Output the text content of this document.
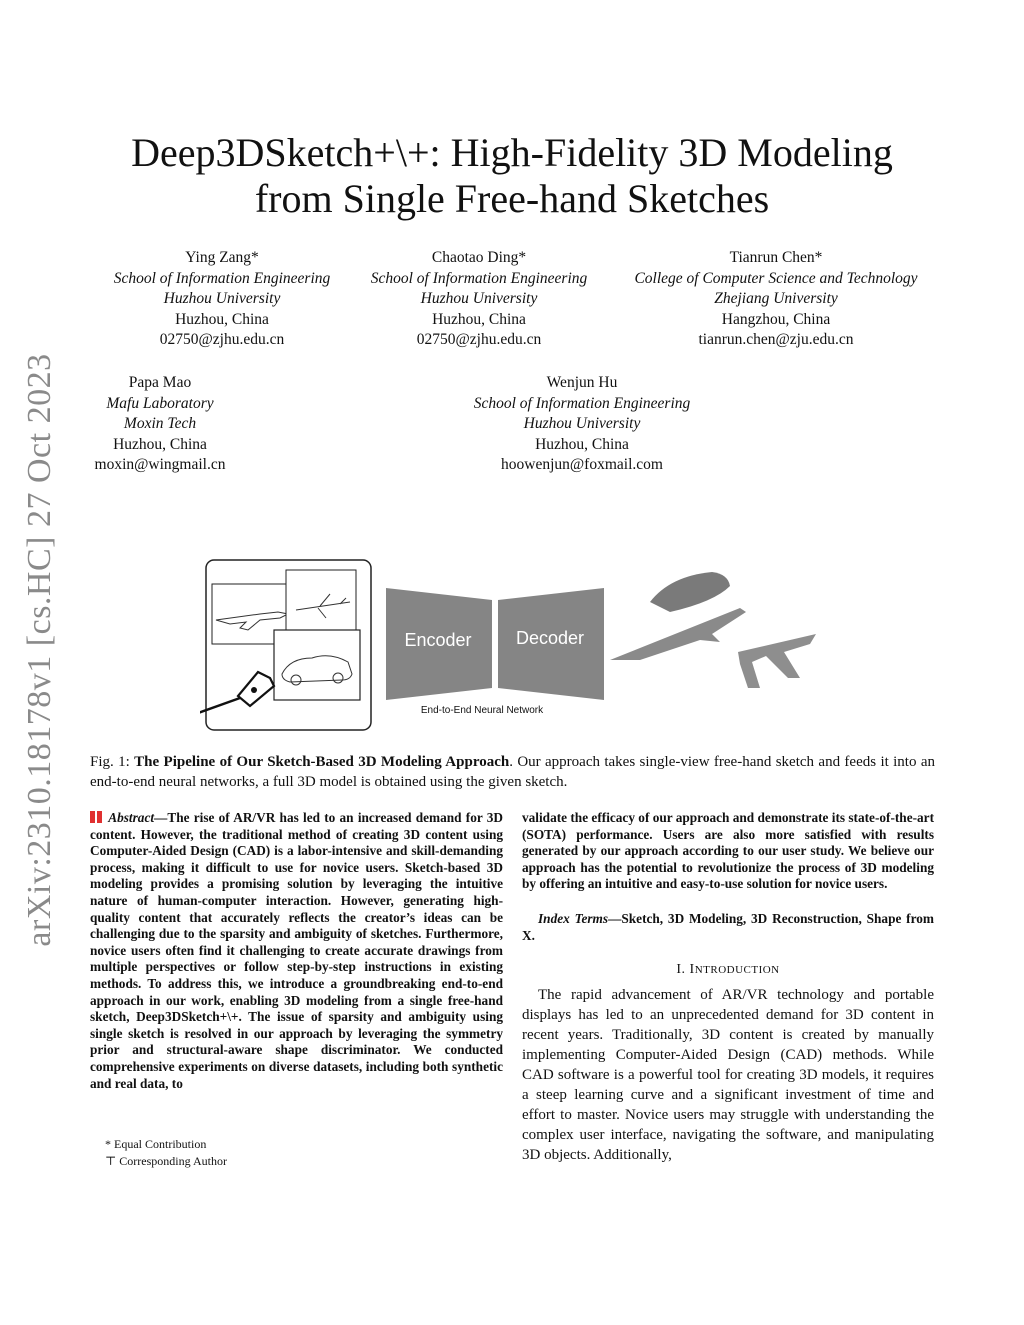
arXiv:2310.18178v1 [cs.HC] 27 Oct 2023
Deep3DSketch+\+: High-Fidelity 3D Modeling
from Single Free-hand Sketches
Ying Zang*
School of Information Engineering
Huzhou University
Huzhou, China
02750@zjhu.edu.cn
Chaotao Ding*
School of Information Engineering
Huzhou University
Huzhou, China
02750@zjhu.edu.cn
Tianrun Chen*
College of Computer Science and Technology
Zhejiang University
Hangzhou, China
tianrun.chen@zju.edu.cn
Papa Mao
Mafu Laboratory
Moxin Tech
Huzhou, China
moxin@wingmail.cn
Wenjun Hu
School of Information Engineering
Huzhou University
Huzhou, China
hoowenjun@foxmail.com
Encoder Decoder
End-to-End Neural Network
Fig. 1: The Pipeline of Our Sketch-Based 3D Modeling Approach. Our approach takes single-view free-hand sketch and feeds it into an end-to-end neural networks, a full 3D model is obtained using the given sketch.
Abstract—The rise of AR/VR has led to an increased demand for 3D content. However, the traditional method of creating 3D content using Computer-Aided Design (CAD) is a labor-intensive and skill-demanding process, making it difficult to use for novice users. Sketch-based 3D modeling provides a promising solution by leveraging the intuitive nature of human-computer interaction. However, generating high-quality content that accurately reflects the creator’s ideas can be challenging due to the sparsity and ambiguity of sketches. Furthermore, novice users often find it challenging to create accurate drawings from multiple perspectives or follow step-by-step instructions in existing methods. To address this, we introduce a groundbreaking end-to-end approach in our work, enabling 3D modeling from a single free-hand sketch, Deep3DSketch+\+. The issue of sparsity and ambiguity using single sketch is resolved in our approach by leveraging the symmetry prior and structural-aware shape discriminator. We conducted comprehensive experiments on diverse datasets, including both synthetic and real data, to
validate the efficacy of our approach and demonstrate its state-of-the-art (SOTA) performance. Users are also more satisfied with results generated by our approach according to our user study. We believe our approach has the potential to revolutionize the process of 3D modeling by offering an intuitive and easy-to-use solution for novice users.
Index Terms—Sketch, 3D Modeling, 3D Reconstruction, Shape from X.
I. INTRODUCTION
The rapid advancement of AR/VR technology and portable displays has led to an unprecedented demand for 3D content in recent years. Traditionally, 3D content is created by manually implementing Computer-Aided Design (CAD) methods. While CAD software is a powerful tool for creating 3D models, it requires a steep learning curve and a significant investment of time and effort to master. Novice users may struggle with understanding the complex user interface, navigating the software, and manipulating 3D objects. Additionally,
* Equal Contribution
⊤ Corresponding Author
